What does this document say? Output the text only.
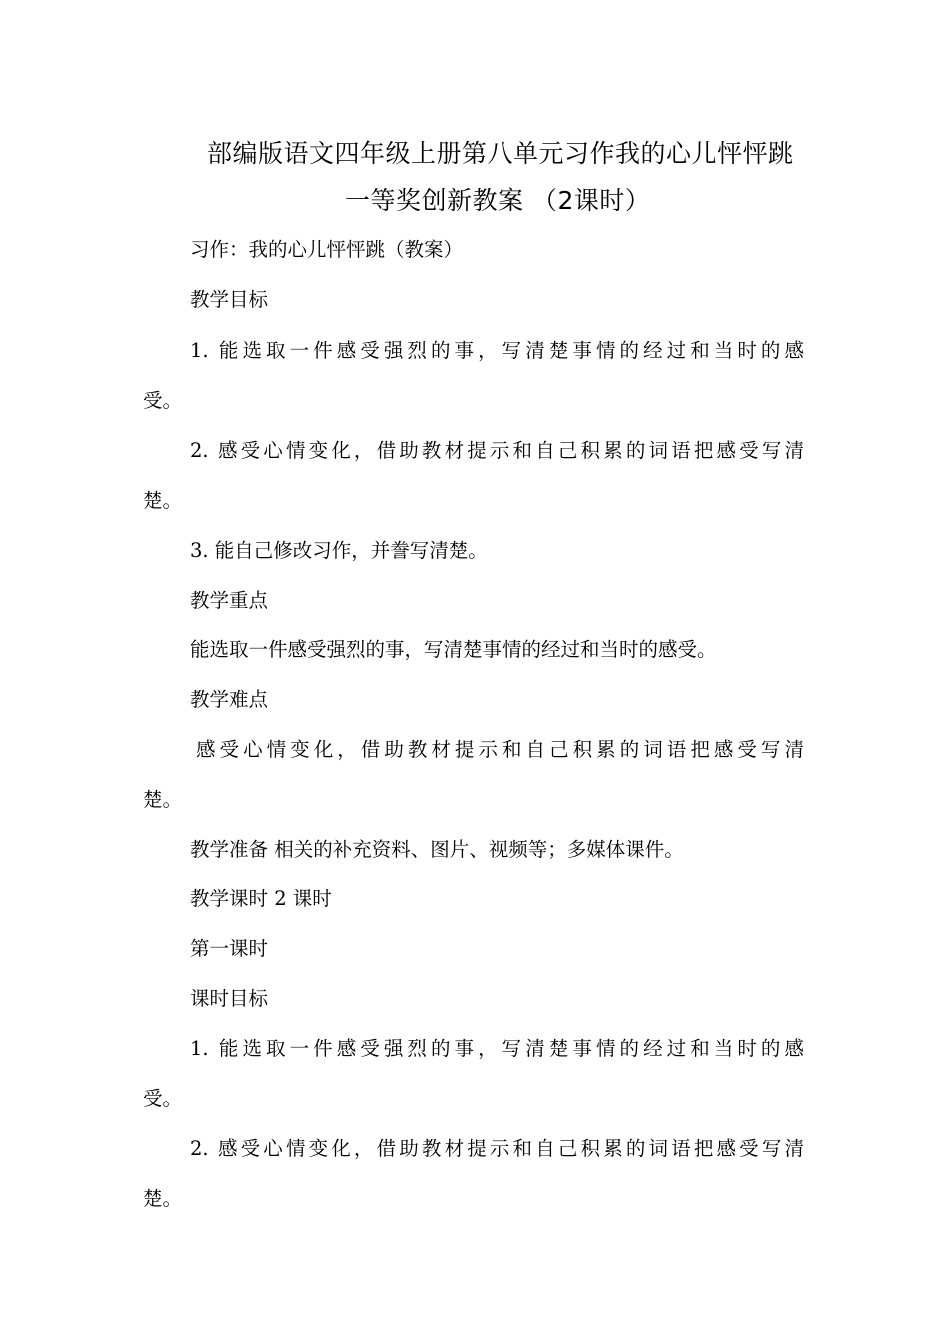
部编版语文四年级上册第八单元习作我的心儿怦怦跳
一等奖创新教案 （2课时）
习作：我的心儿怦怦跳（教案）
教学目标
1. 能选取一件感受强烈的事，写清楚事情的经过和当时的感
受。
2. 感受心情变化，借助教材提示和自己积累的词语把感受写清
楚。
3. 能自己修改习作，并誊写清楚。
教学重点
能选取一件感受强烈的事，写清楚事情的经过和当时的感受。
教学难点
感受心情变化，借助教材提示和自己积累的词语把感受写清
楚。
教学准备 相关的补充资料、图片、视频等；多媒体课件。
教学课时 2 课时
第一课时
课时目标
1. 能选取一件感受强烈的事，写清楚事情的经过和当时的感
受。
2. 感受心情变化，借助教材提示和自己积累的词语把感受写清
楚。
